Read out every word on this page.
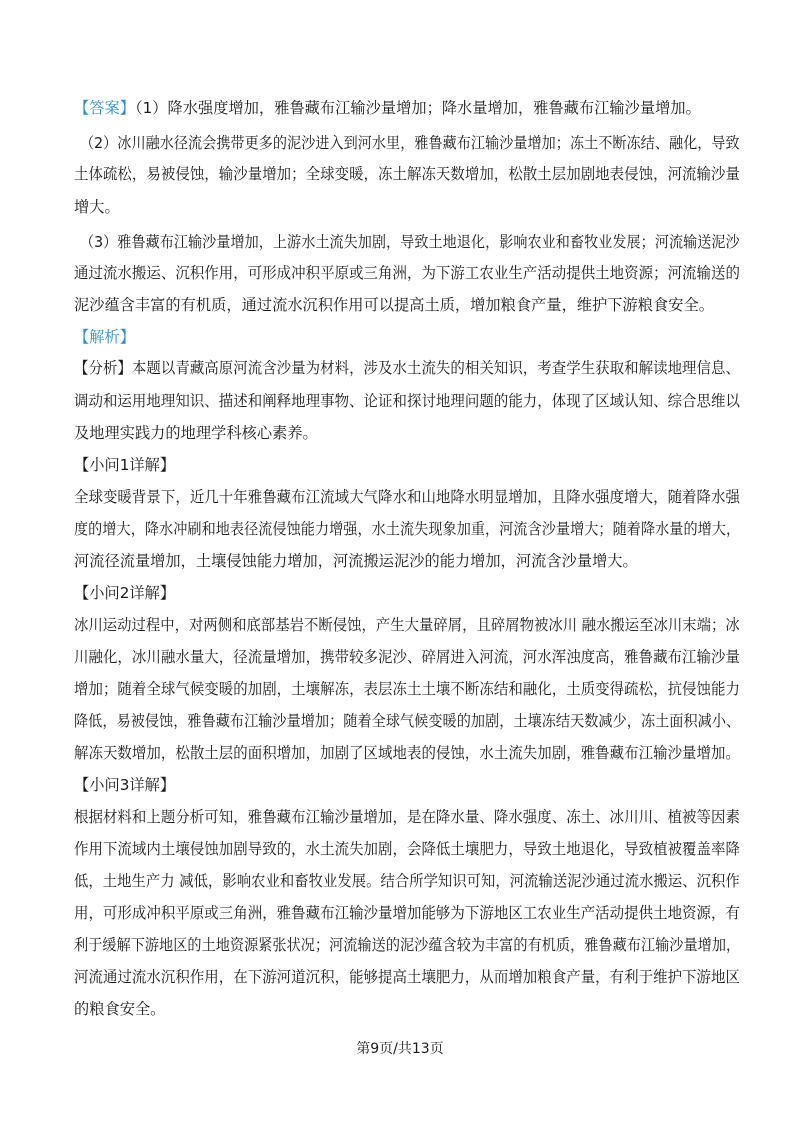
【答案】（1）降水强度增加，雅鲁藏布江输沙量增加；降水量增加，雅鲁藏布江输沙量增加。
（2）冰川融水径流会携带更多的泥沙进入到河水里，雅鲁藏布江输沙量增加；冻土不断冻结、融化，导致
土体疏松，易被侵蚀，输沙量增加；全球变暖，冻土解冻天数增加，松散土层加剧地表侵蚀，河流输沙量
增大。
（3）雅鲁藏布江输沙量增加，上游水土流失加剧，导致土地退化，影响农业和畜牧业发展；河流输送泥沙
通过流水搬运、沉积作用，可形成冲积平原或三角洲，为下游工农业生产活动提供土地资源；河流输送的
泥沙蕴含丰富的有机质，通过流水沉积作用可以提高土质，增加粮食产量，维护下游粮食安全。
【解析】
【分析】本题以青藏高原河流含沙量为材料，涉及水土流失的相关知识，考查学生获取和解读地理信息、
调动和运用地理知识、描述和阐释地理事物、论证和探讨地理问题的能力，体现了区域认知、综合思维以
及地理实践力的地理学科核心素养。
【小问1详解】
全球变暖背景下，近几十年雅鲁藏布江流域大气降水和山地降水明显增加，且降水强度增大，随着降水强
度的增大，降水冲刷和地表径流侵蚀能力增强，水土流失现象加重，河流含沙量增大；随着降水量的增大，
河流径流量增加，土壤侵蚀能力增加，河流搬运泥沙的能力增加，河流含沙量增大。
【小问2详解】
冰川运动过程中，对两侧和底部基岩不断侵蚀，产生大量碎屑，且碎屑物被冰川 融水搬运至冰川末端；冰
川融化，冰川融水量大，径流量增加，携带较多泥沙、碎屑进入河流，河水浑浊度高，雅鲁藏布江输沙量
增加；随着全球气候变暖的加剧，土壤解冻，表层冻土土壤不断冻结和融化，土质变得疏松，抗侵蚀能力
降低，易被侵蚀，雅鲁藏布江输沙量增加；随着全球气候变暖的加剧，土壤冻结天数减少，冻土面积减小、
解冻天数增加，松散土层的面积增加，加剧了区域地表的侵蚀，水土流失加剧，雅鲁藏布江输沙量增加。
【小问3详解】
根据材料和上题分析可知，雅鲁藏布江输沙量增加，是在降水量、降水强度、冻土、冰川川、植被等因素
作用下流域内土壤侵蚀加剧导致的，水土流失加剧，会降低土壤肥力，导致土地退化，导致植被覆盖率降
低，土地生产力 减低，影响农业和畜牧业发展。结合所学知识可知，河流输送泥沙通过流水搬运、沉积作
用，可形成冲积平原或三角洲，雅鲁藏布江输沙量增加能够为下游地区工农业生产活动提供土地资源，有
利于缓解下游地区的土地资源紧张状况；河流输送的泥沙蕴含较为丰富的有机质，雅鲁藏布江输沙量增加，
河流通过流水沉积作用，在下游河道沉积，能够提高土壤肥力，从而增加粮食产量，有利于维护下游地区
的粮食安全。
第9页/共13页
